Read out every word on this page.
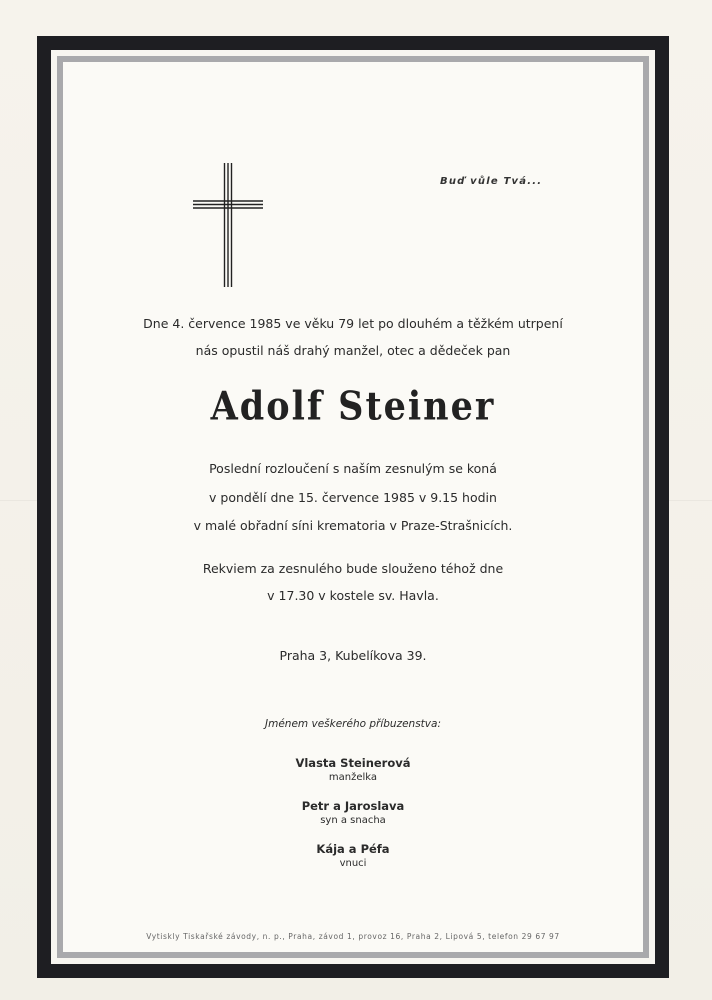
Buď vůle Tvá...
Dne 4. července 1985 ve věku 79 let po dlouhém a těžkém utrpení
nás opustil náš drahý manžel, otec a dědeček pan
Adolf Steiner
Poslední rozloučení s naším zesnulým se koná
v pondělí dne 15. července 1985 v 9.15 hodin
v malé obřadní síni krematoria v Praze-Strašnicích.
Rekviem za zesnulého bude slouženo téhož dne
v 17.30 v kostele sv. Havla.
Praha 3, Kubelíkova 39.
Jménem veškerého příbuzenstva:
Vlasta Steinerová
manželka
Petr a Jaroslava
syn a snacha
Kája a Péfa
vnuci
Vytiskly Tiskařské závody, n. p., Praha, závod 1, provoz 16, Praha 2, Lipová 5, telefon 29 67 97
